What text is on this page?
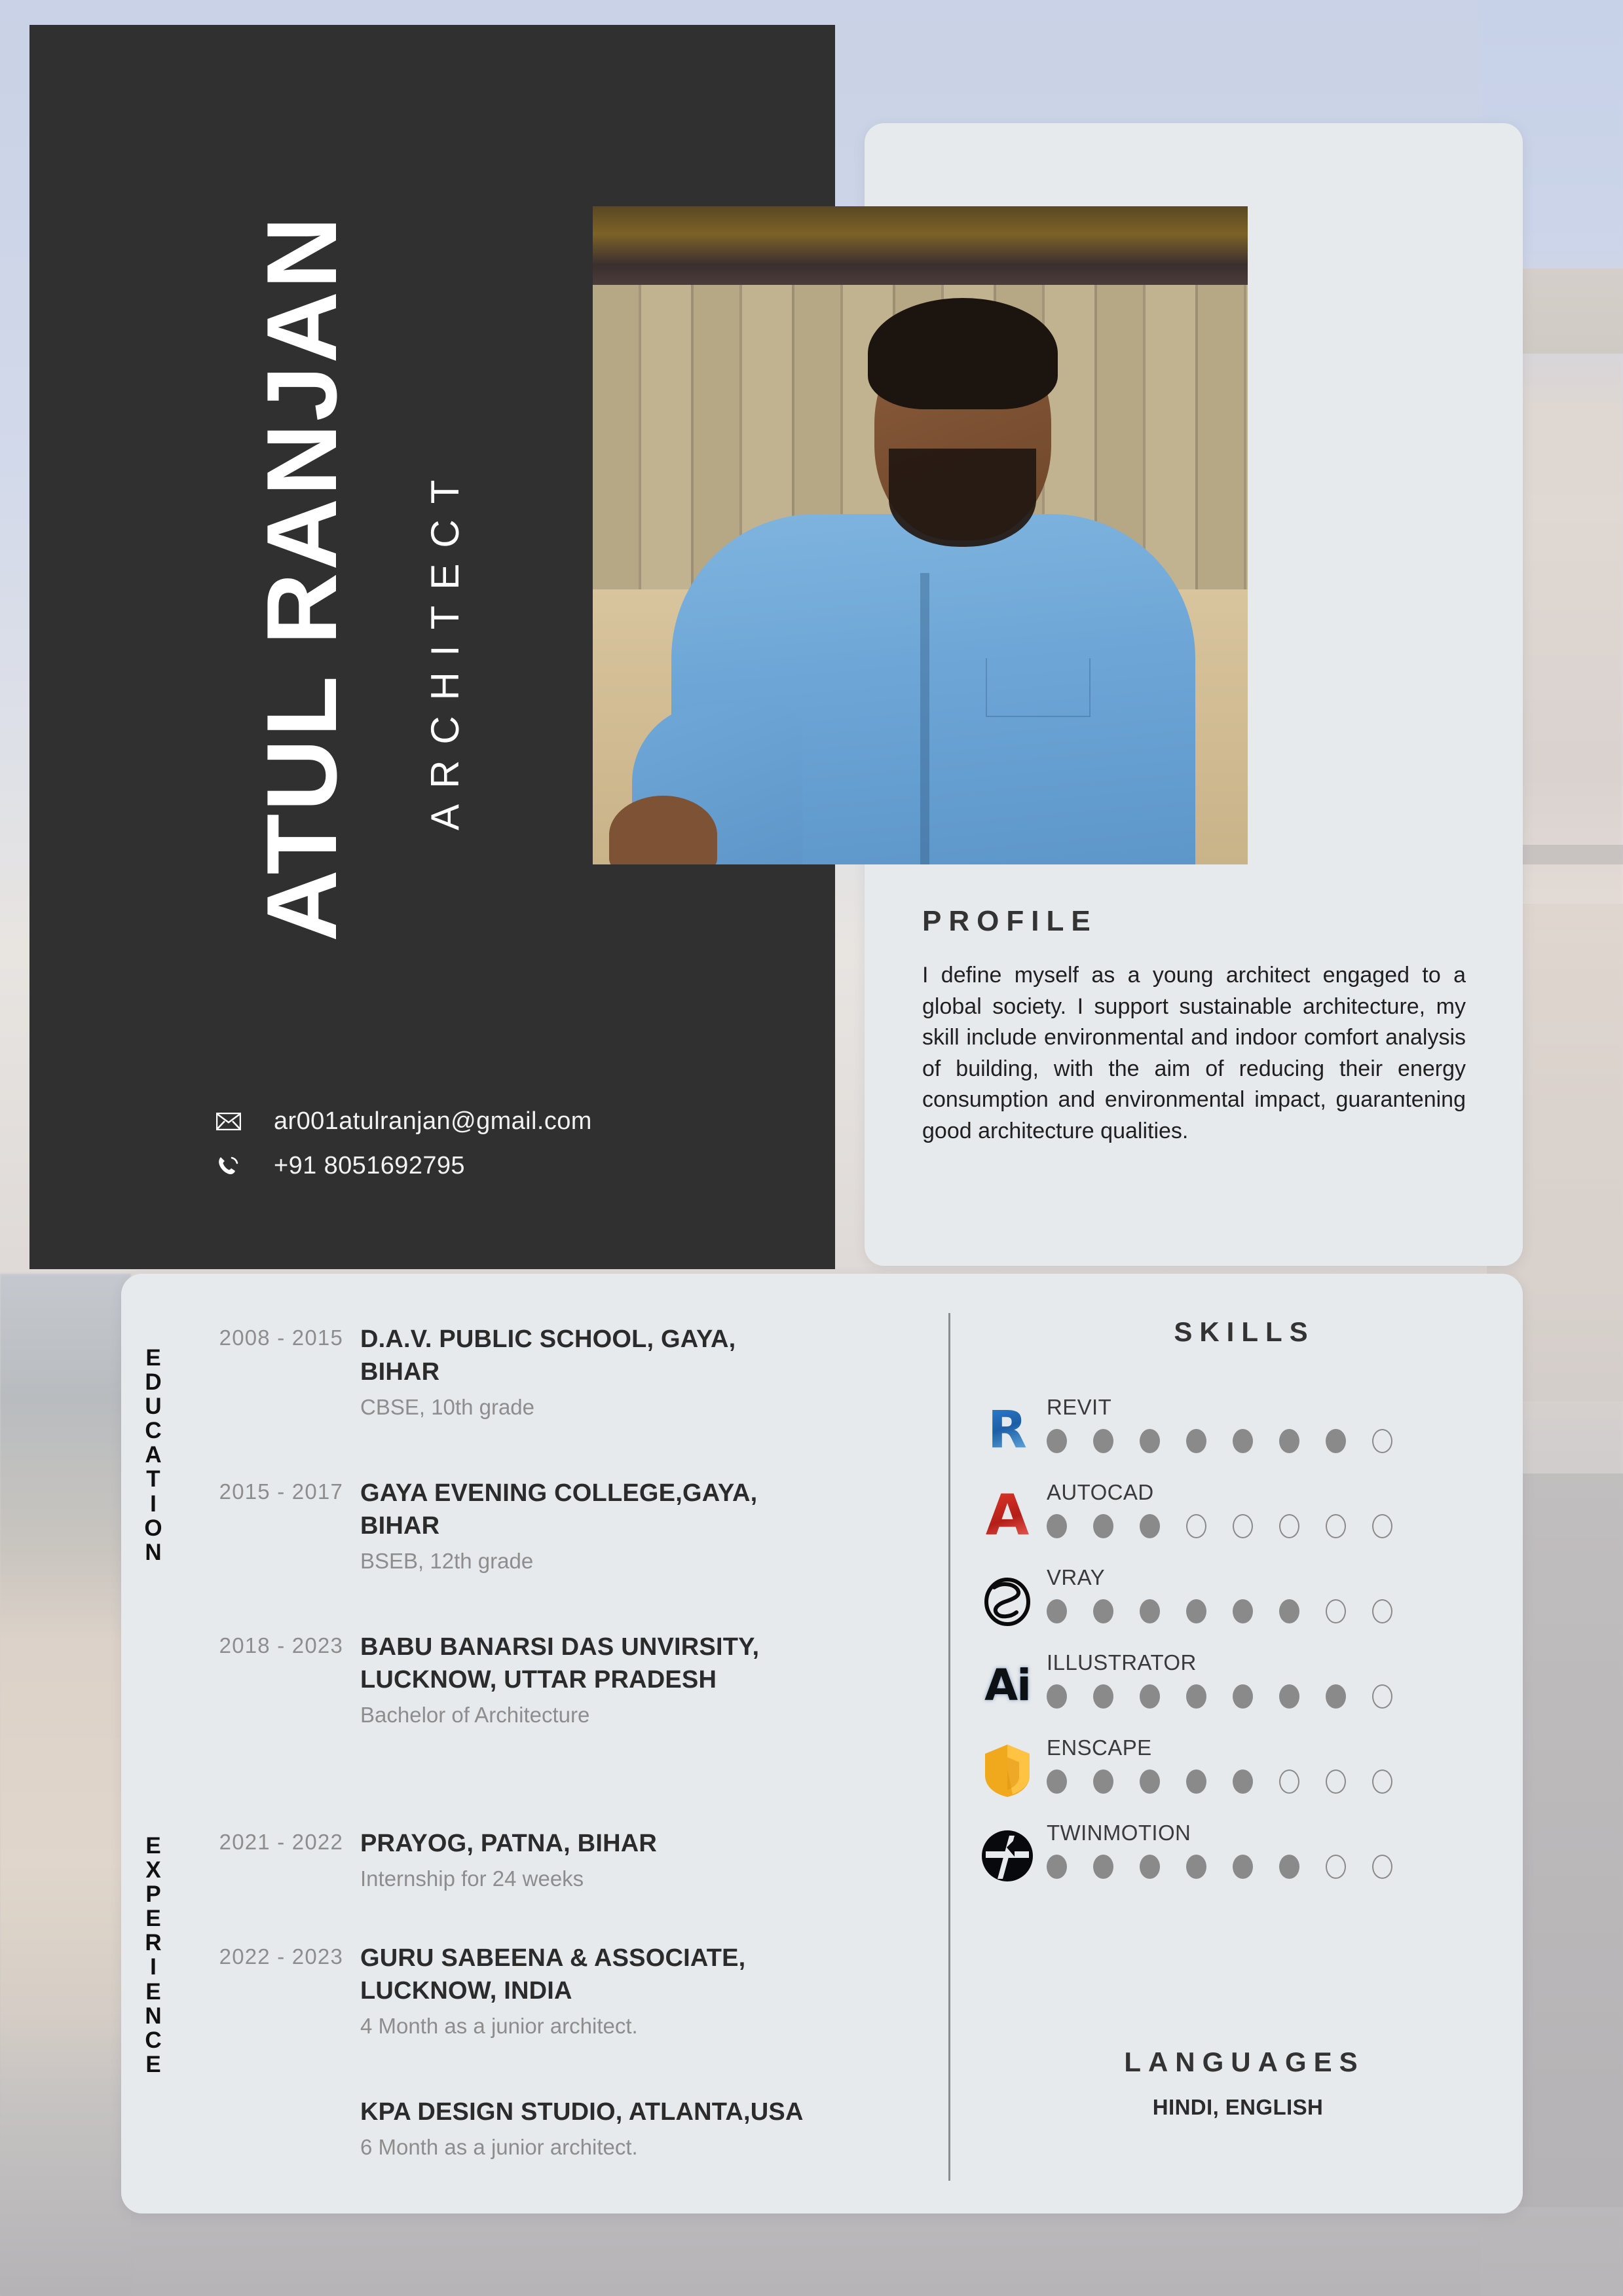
ATUL RANJAN ARCHITECT
ar001atulranjan@gmail.com
+91 8051692795
PROFILE
I define myself as a young architect engaged to a global society. I support sustainable architecture, my skill include environmental and indoor comfort analysis of building, with the aim of reducing their energy consumption and environmental impact, guarantening good architecture qualities.
E
D
U
C
A
T
I
O
N
E
X
P
E
R
I
E
N
C
E
2008 - 2015 D.A.V. PUBLIC SCHOOL, GAYA, BIHAR
CBSE, 10th grade
2015 - 2017 GAYA EVENING COLLEGE,GAYA, BIHAR
BSEB, 12th grade
2018 - 2023 BABU BANARSI DAS UNVIRSITY, LUCKNOW, UTTAR PRADESH
Bachelor of Architecture
2021 - 2022 PRAYOG, PATNA, BIHAR
Internship for 24 weeks
2022 - 2023 GURU SABEENA & ASSOCIATE, LUCKNOW, INDIA
4 Month as a junior architect.
KPA DESIGN STUDIO, ATLANTA,USA
6 Month as a junior architect.
SKILLS
R REVIT
A AUTOCAD
VRAY
Ai ILLUSTRATOR
ENSCAPE
TWINMOTION
LANGUAGES
HINDI, ENGLISH
